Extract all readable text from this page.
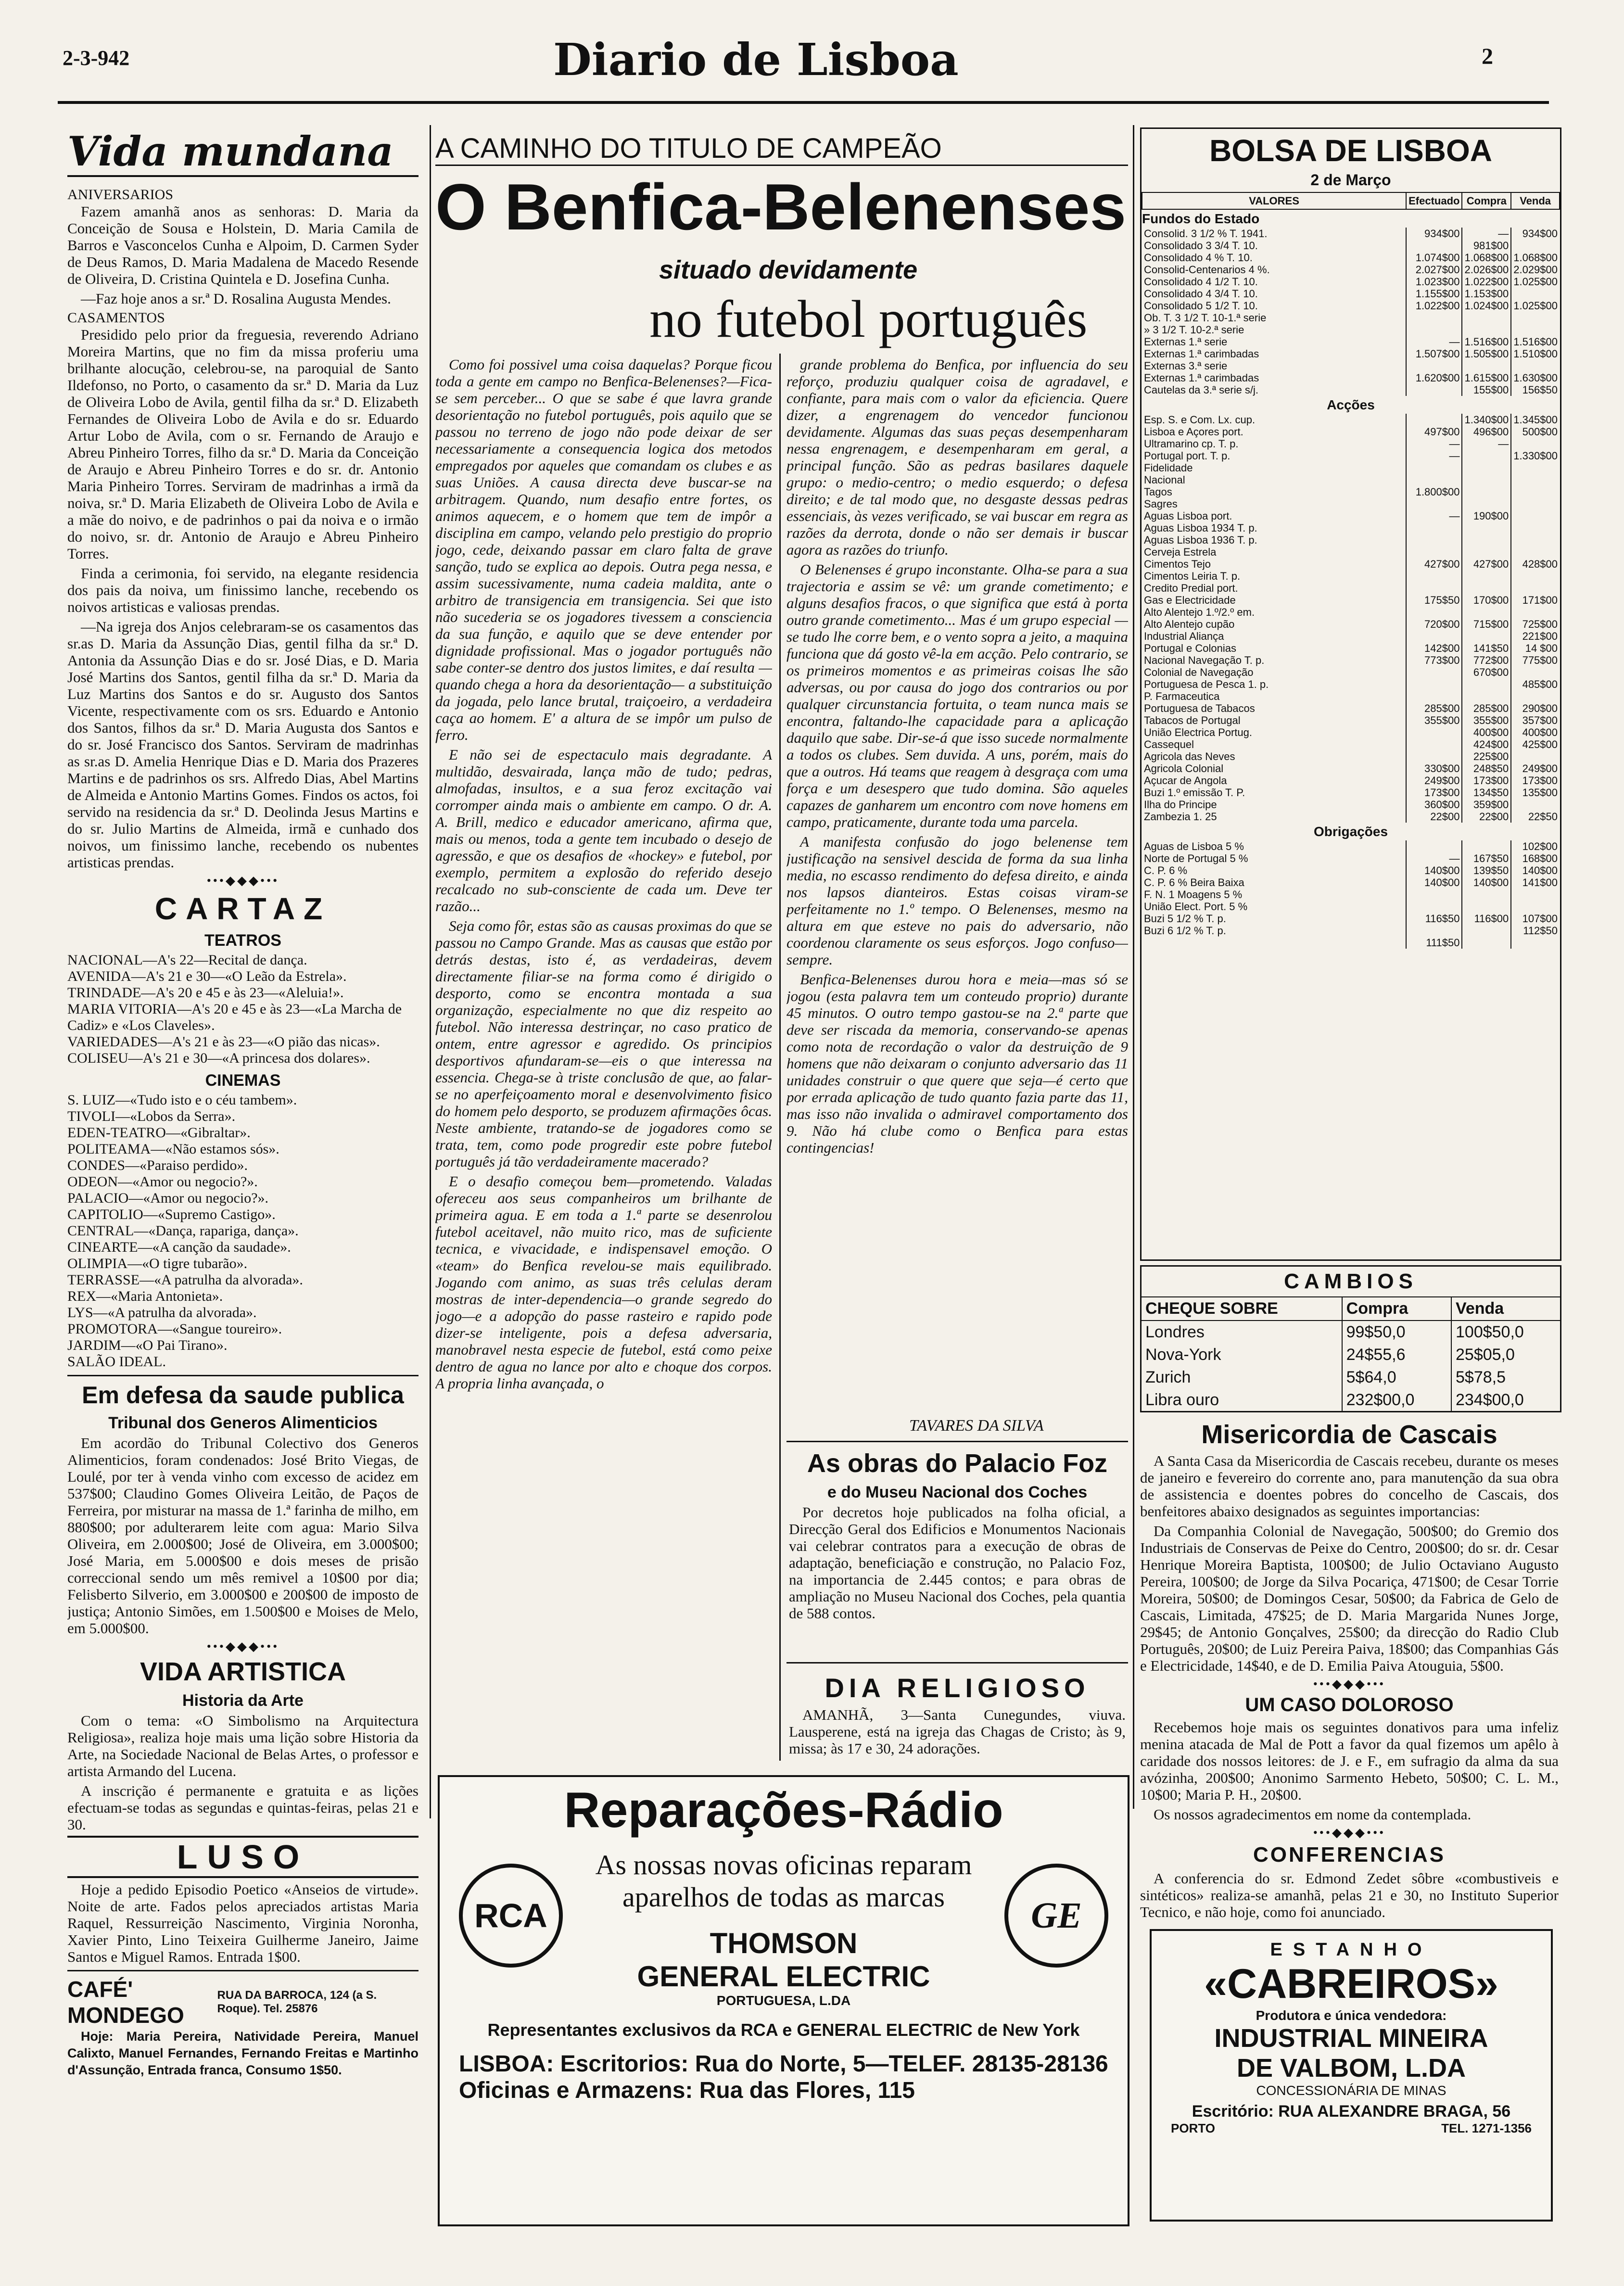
2-3-942	Diario de Lisboa	2
Vida mundana
ANIVERSARIOS

Fazem amanhã anos as senhoras: D. Maria da Conceição de Sousa e Holstein, D. Maria Camila de Barros e Vasconcelos Cunha e Alpoim, D. Carmen Syder de Deus Ramos, D. Maria Madalena de Macedo Resende de Oliveira, D. Cristina Quintela e D. Josefina Cunha.

—Faz hoje anos a sr.ª D. Rosalina Augusta Mendes.

CASAMENTOS

Presidido pelo prior da freguesia, reverendo Adriano Moreira Martins, que no fim da missa proferiu uma brilhante alocução, celebrou-se, na paroquial de Santo Ildefonso, no Porto, o casamento da sr.ª D. Maria da Luz de Oliveira Lobo de Avila, gentil filha da sr.ª D. Elizabeth Fernandes de Oliveira Lobo de Avila e do sr. Eduardo Artur Lobo de Avila, com o sr. Fernando de Araujo e Abreu Pinheiro Torres, filho da sr.ª D. Maria da Conceição de Araujo e Abreu Pinheiro Torres e do sr. dr. Antonio Maria Pinheiro Torres. Serviram de madrinhas a irmã da noiva, sr.ª D. Maria Elizabeth de Oliveira Lobo de Avila e a mãe do noivo, e de padrinhos o pai da noiva e o irmão do noivo, sr. dr. Antonio de Araujo e Abreu Pinheiro Torres.

Finda a cerimonia, foi servido, na elegante residencia dos pais da noiva, um finissimo lanche, recebendo os noivos artisticas e valiosas prendas.

—Na igreja dos Anjos celebraram-se os casamentos das sr.as D. Maria da Assunção Dias, gentil filha da sr.ª D. Antonia da Assunção Dias e do sr. José Dias, e D. Maria José Martins dos Santos, gentil filha da sr.ª D. Maria da Luz Martins dos Santos e do sr. Augusto dos Santos Vicente, respectivamente com os srs. Eduardo e Antonio dos Santos, filhos da sr.ª D. Maria Augusta dos Santos e do sr. José Francisco dos Santos. Serviram de madrinhas as sr.as D. Amelia Henrique Dias e D. Maria dos Prazeres Martins e de padrinhos os srs. Alfredo Dias, Abel Martins de Almeida e Antonio Martins Gomes. Findos os actos, foi servido na residencia da sr.ª D. Deolinda Jesus Martins e do sr. Julio Martins de Almeida, irmã e cunhado dos noivos, um finissimo lanche, recebendo os nubentes artisticas prendas.

•••◆◆◆•••
CARTAZ
TEATROS
NACIONAL—A's 22—Recital de dança.
AVENIDA—A's 21 e 30—«O Leão da Estrela».
TRINDADE—A's 20 e 45 e às 23—«Aleluia!».
MARIA VITORIA—A's 20 e 45 e às 23—«La Marcha de Cadiz» e «Los Claveles».
VARIEDADES—A's 21 e às 23—«O pião das nicas».
COLISEU—A's 21 e 30—«A princesa dos dolares».
CINEMAS
S. LUIZ—«Tudo isto e o céu tambem».
TIVOLI—«Lobos da Serra».
EDEN-TEATRO—«Gibraltar».
POLITEAMA—«Não estamos sós».
CONDES—«Paraiso perdido».
ODEON—«Amor ou negocio?».
PALACIO—«Amor ou negocio?».
CAPITOLIO—«Supremo Castigo».
CENTRAL—«Dança, rapariga, dança».
CINEARTE—«A canção da saudade».
OLIMPIA—«O tigre tubarão».
TERRASSE—«A patrulha da alvorada».
REX—«Maria Antonieta».
LYS—«A patrulha da alvorada».
PROMOTORA—«Sangue toureiro».
JARDIM—«O Pai Tirano».
SALÃO IDEAL.
Em defesa da saude publica
Tribunal dos Generos Alimenticios

Em acordão do Tribunal Colectivo dos Generos Alimenticios, foram condenados: José Brito Viegas, de Loulé, por ter à venda vinho com excesso de acidez em 537$00; Claudino Gomes Oliveira Leitão, de Paços de Ferreira, por misturar na massa de 1.ª farinha de milho, em 880$00; por adulterarem leite com agua: Mario Silva Oliveira, em 2.000$00; José de Oliveira, em 3.000$00; José Maria, em 5.000$00 e dois meses de prisão correccional sendo um mês remivel a 10$00 por dia; Felisberto Silverio, em 3.000$00 e 200$00 de imposto de justiça; Antonio Simões, em 1.500$00 e Moises de Melo, em 5.000$00.

•••◆◆◆•••
VIDA ARTISTICA
Historia da Arte

Com o tema: «O Simbolismo na Arquitectura Religiosa», realiza hoje mais uma lição sobre Historia da Arte, na Sociedade Nacional de Belas Artes, o professor e artista Armando del Lucena.

A inscrição é permanente e gratuita e as lições efectuam-se todas as segundas e quintas-feiras, pelas 21 e 30.

LUSO

Hoje a pedido Episodio Poetico «Anseios de virtude». Noite de arte. Fados pelos apreciados artistas Maria Raquel, Ressurreição Nascimento, Virginia Noronha, Xavier Pinto, Lino Teixeira Guilherme Janeiro, Jaime Santos e Miguel Ramos. Entrada 1$00.

CAFÉ' MONDEGO
RUA DA BARROCA, 124 (a S. Roque). Tel. 25876

Hoje: Maria Pereira, Natividade Pereira, Manuel Calixto, Manuel Fernandes, Fernando Freitas e Martinho d'Assunção, Entrada franca, Consumo 1$50.

A CAMINHO DO TITULO DE CAMPEÃO
O Benfica-Belenenses
situado devidamente
no futebol português

Como foi possivel uma coisa daquelas? Porque ficou toda a gente em campo no Benfica-Belenenses?—Fica-se sem perceber... O que se sabe é que lavra grande desorientação no futebol português, pois aquilo que se passou no terreno de jogo não pode deixar de ser necessariamente a consequencia logica dos metodos empregados por aqueles que comandam os clubes e as suas Uniões. A causa directa deve buscar-se na arbitragem. Quando, num desafio entre fortes, os animos aquecem, e o homem que tem de impôr a disciplina em campo, velando pelo prestigio do proprio jogo, cede, deixando passar em claro falta de grave sanção, tudo se explica ao depois. Outra pega nessa, e assim sucessivamente, numa cadeia maldita, ante o arbitro de transigencia em transigencia. Sei que isto não sucederia se os jogadores tivessem a consciencia da sua função, e aquilo que se deve entender por dignidade profissional. Mas o jogador português não sabe conter-se dentro dos justos limites, e daí resulta —quando chega a hora da desorientação— a substituição da jogada, pelo lance brutal, traiçoeiro, a verdadeira caça ao homem. E' a altura de se impôr um pulso de ferro.

E não sei de espectaculo mais degradante. A multidão, desvairada, lança mão de tudo; pedras, almofadas, insultos, e a sua feroz excitação vai corromper ainda mais o ambiente em campo. O dr. A. A. Brill, medico e educador americano, afirma que, mais ou menos, toda a gente tem incubado o desejo de agressão, e que os desafios de «hockey» e futebol, por exemplo, permitem a explosão do referido desejo recalcado no sub-consciente de cada um. Deve ter razão...

Seja como fôr, estas são as causas proximas do que se passou no Campo Grande. Mas as causas que estão por detrás destas, isto é, as verdadeiras, devem directamente filiar-se na forma como é dirigido o desporto, como se encontra montada a sua organização, especialmente no que diz respeito ao futebol. Não interessa destrinçar, no caso pratico de ontem, entre agressor e agredido. Os principios desportivos afundaram-se—eis o que interessa na essencia. Chega-se à triste conclusão de que, ao falar-se no aperfeiçoamento moral e desenvolvimento fisico do homem pelo desporto, se produzem afirmações ôcas. Neste ambiente, tratando-se de jogadores como se trata, tem, como pode progredir este pobre futebol português já tão verdadeiramente macerado?

E o desafio começou bem—prometendo. Valadas ofereceu aos seus companheiros um brilhante de primeira agua. E em toda a 1.ª parte se desenrolou futebol aceitavel, não muito rico, mas de suficiente tecnica, e vivacidade, e indispensavel emoção. O «team» do Benfica revelou-se mais equilibrado. Jogando com animo, as suas três celulas deram mostras de inter-dependencia—o grande segredo do jogo—e a adopção do passe rasteiro e rapido pode dizer-se inteligente, pois a defesa adversaria, manobravel nesta especie de futebol, está como peixe dentro de agua no lance por alto e choque dos corpos. A propria linha avançada, o

grande problema do Benfica, por influencia do seu reforço, produziu qualquer coisa de agradavel, e confiante, para mais com o valor da eficiencia. Quere dizer, a engrenagem do vencedor funcionou devidamente. Algumas das suas peças desempenharam nessa engrenagem, e desempenharam em geral, a principal função. São as pedras basilares daquele grupo: o medio-centro; o medio esquerdo; o defesa direito; e de tal modo que, no desgaste dessas pedras essenciais, às vezes verificado, se vai buscar em regra as razões da derrota, donde o não ser demais ir buscar agora as razões do triunfo.

O Belenenses é grupo inconstante. Olha-se para a sua trajectoria e assim se vê: um grande cometimento; e alguns desafios fracos, o que significa que está à porta outro grande cometimento... Mas é um grupo especial —se tudo lhe corre bem, e o vento sopra a jeito, a maquina funciona que dá gosto vê-la em acção. Pelo contrario, se os primeiros momentos e as primeiras coisas lhe são adversas, ou por causa do jogo dos contrarios ou por qualquer circunstancia fortuita, o team nunca mais se encontra, faltando-lhe capacidade para a aplicação daquilo que sabe. Dir-se-á que isso sucede normalmente a todos os clubes. Sem duvida. A uns, porém, mais do que a outros. Há teams que reagem à desgraça com uma força e um desespero que tudo domina. São aqueles capazes de ganharem um encontro com nove homens em campo, praticamente, durante toda uma parcela.

A manifesta confusão do jogo belenense tem justificação na sensivel descida de forma da sua linha media, no escasso rendimento do defesa direito, e ainda nos lapsos dianteiros. Estas coisas viram-se perfeitamente no 1.º tempo. O Belenenses, mesmo na altura em que esteve no pais do adversario, não coordenou claramente os seus esforços. Jogo confuso—sempre.

Benfica-Belenenses durou hora e meia—mas só se jogou (esta palavra tem um conteudo proprio) durante 45 minutos. O outro tempo gastou-se na 2.ª parte que deve ser riscada da memoria, conservando-se apenas como nota de recordação o valor da destruição de 9 homens que não deixaram o conjunto adversario das 11 unidades construir o que quere que seja—é certo que por errada aplicação de tudo quanto fazia parte das 11, mas isso não invalida o admiravel comportamento dos 9. Não há clube como o Benfica para estas contingencias!

TAVARES DA SILVA
As obras do Palacio Foz
e do Museu Nacional dos Coches

Por decretos hoje publicados na folha oficial, a Direcção Geral dos Edificios e Monumentos Nacionais vai celebrar contratos para a execução de obras de adaptação, beneficiação e construção, no Palacio Foz, na importancia de 2.445 contos; e para obras de ampliação no Museu Nacional dos Coches, pela quantia de 588 contos.

DIA RELIGIOSO

AMANHÃ, 3—Santa Cunegundes, viuva. Lausperene, está na igreja das Chagas de Cristo; às 9, missa; às 17 e 30, 24 adorações.

BOLSA DE LISBOA
2 de Março
VALORES	Efectuado	Compra	Venda
Fundos do Estado			
Consolid. 3 1/2 % T. 1941.	934$00	—	934$00
Consolidado 3 3/4 T. 10.		981$00	
Consolidado 4 % T. 10.	1.074$00	1.068$00	1.068$00
Consolid-Centenarios 4 %.	2.027$00	2.026$00	2.029$00
Consolidado 4 1/2 T. 10.	1.023$00	1.022$00	1.025$00
Consolidado 4 3/4 T. 10.	1.155$00	1.153$00	
Consolidado 5 1/2 T. 10.	1.022$00	1.024$00	1.025$00
Ob. T. 3 1/2 T. 10-1.ª serie			
» 3 1/2 T. 10-2.ª serie			
Externas 1.ª serie	—	1.516$00	1.516$00
Externas 1.ª carimbadas	1.507$00	1.505$00	1.510$00
Externas 3.ª serie			
Externas 1.ª carimbadas	1.620$00	1.615$00	1.630$00
Cautelas da 3.ª serie s/j.		155$00	156$50
Acções			
Esp. S. e Com. Lx. cup.		1.340$00	1.345$00
Lisboa e Açores port.	497$00	496$00	500$00
Ultramarino cp. T. p.	—	—	
Portugal port. T. p.	—		1.330$00
Fidelidade			
Nacional			
Tagos	1.800$00		
Sagres			
Aguas Lisboa port.	—	190$00	
Aguas Lisboa 1934 T. p.			
Aguas Lisboa 1936 T. p.			
Cerveja Estrela			
Cimentos Tejo	427$00	427$00	428$00
Cimentos Leiria T. p.			
Credito Predial port.			
Gas e Electricidade	175$50	170$00	171$00
Alto Alentejo 1.º/2.º em.			
Alto Alentejo cupão	720$00	715$00	725$00
Industrial Aliança			221$00
Portugal e Colonias	142$00	141$50	14 $00
Nacional Navegação T. p.	773$00	772$00	775$00
Colonial de Navegação		670$00	
Portuguesa de Pesca 1. p.			485$00
P. Farmaceutica			
Portuguesa de Tabacos	285$00	285$00	290$00
Tabacos de Portugal	355$00	355$00	357$00
União Electrica Portug.		400$00	400$00
Cassequel		424$00	425$00
Agricola das Neves		225$00	
Agricola Colonial	330$00	248$50	249$00
Açucar de Angola	249$00	173$00	173$00
Buzi 1.º emissão T. P.	173$00	134$50	135$00
Ilha do Principe	360$00	359$00	
Zambezia 1. 25	22$00	22$00	22$50
Obrigações			
Aguas de Lisboa 5 %			102$00
Norte de Portugal 5 %	—	167$50	168$00
C. P. 6 %	140$00	139$50	140$00
C. P. 6 % Beira Baixa	140$00	140$00	141$00
F. N. 1 Moagens 5 %			
União Elect. Port. 5 %			
Buzi 5 1/2 % T. p.	116$50	116$00	107$00
Buzi 6 1/2 % T. p.			112$50
	111$50		
CAMBIOS
CHEQUE SOBRE	Compra	Venda
Londres	99$50,0	100$50,0
Nova-York	24$55,6	25$05,0
Zurich	5$64,0	5$78,5
Libra ouro	232$00,0	234$00,0
Misericordia de Cascais

A Santa Casa da Misericordia de Cascais recebeu, durante os meses de janeiro e fevereiro do corrente ano, para manutenção da sua obra de assistencia e doentes pobres do concelho de Cascais, dos benfeitores abaixo designados as seguintes importancias:

Da Companhia Colonial de Navegação, 500$00; do Gremio dos Industriais de Conservas de Peixe do Centro, 200$00; do sr. dr. Cesar Henrique Moreira Baptista, 100$00; de Julio Octaviano Augusto Pereira, 100$00; de Jorge da Silva Pocariça, 471$00; de Cesar Torrie Moreira, 50$00; de Domingos Cesar, 50$00; da Fabrica de Gelo de Cascais, Limitada, 47$25; de D. Maria Margarida Nunes Jorge, 29$45; de Antonio Gonçalves, 25$00; da direcção do Radio Club Português, 20$00; de Luiz Pereira Paiva, 18$00; das Companhias Gás e Electricidade, 14$40, e de D. Emilia Paiva Atouguia, 5$00.

•••◆◆◆•••
UM CASO DOLOROSO

Recebemos hoje mais os seguintes donativos para uma infeliz menina atacada de Mal de Pott a favor da qual fizemos um apêlo à caridade dos nossos leitores: de J. e F., em sufragio da alma da sua avózinha, 200$00; Anonimo Sarmento Hebeto, 50$00; C. L. M., 10$00; Maria P. H., 20$00.

Os nossos agradecimentos em nome da contemplada.

•••◆◆◆•••
CONFERENCIAS

A conferencia do sr. Edmond Zedet sôbre «combustiveis e sintéticos» realiza-se amanhã, pelas 21 e 30, no Instituto Superior Tecnico, e não hoje, como foi anunciado.

Reparações-Rádio
RCA	GE
As nossas novas oficinas reparam
aparelhos de todas as marcas
THOMSON
GENERAL ELECTRIC
PORTUGUESA, L.DA
Representantes exclusivos da RCA e GENERAL ELECTRIC de New York
LISBOA: Escritorios: Rua do Norte, 5—TELEF. 28135-28136
Oficinas e Armazens: Rua das Flores, 115
ESTANHO
«CABREIROS»
Produtora e única vendedora:
INDUSTRIAL MINEIRA
DE VALBOM, L.DA
CONCESSIONÁRIA DE MINAS
Escritório: RUA ALEXANDRE BRAGA, 56
PORTO	TEL. 1271-1356
